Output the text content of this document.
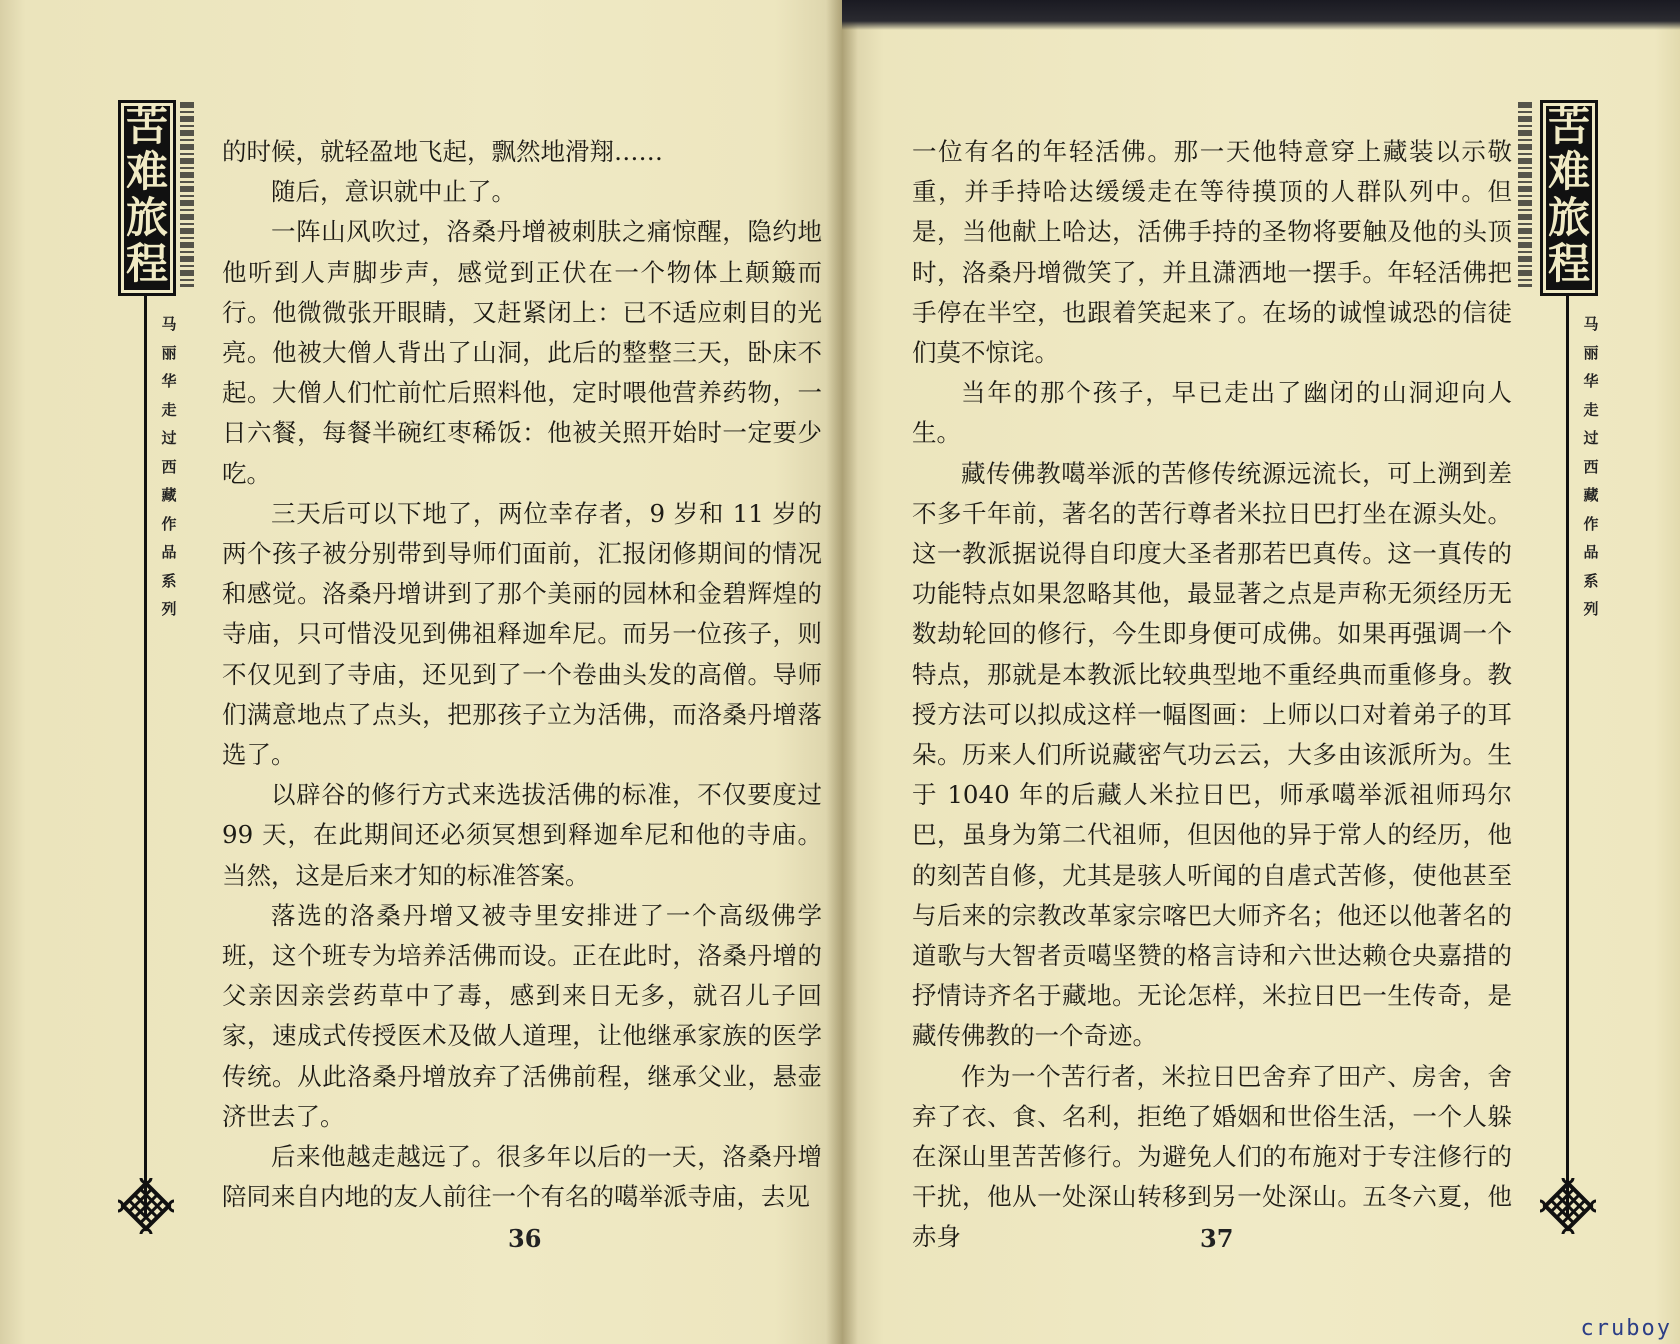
苦
难
旅
程
马丽华走过西藏作品系列

的时候，就轻盈地飞起，飘然地滑翔……

随后，意识就中止了。

一阵山风吹过，洛桑丹增被刺肤之痛惊醒，隐约地他听到人声脚步声，感觉到正伏在一个物体上颠簸而行。他微微张开眼睛，又赶紧闭上：已不适应刺目的光亮。他被大僧人背出了山洞，此后的整整三天，卧床不起。大僧人们忙前忙后照料他，定时喂他营养药物，一日六餐，每餐半碗红枣稀饭：他被关照开始时一定要少吃。

三天后可以下地了，两位幸存者，9 岁和 11 岁的两个孩子被分别带到导师们面前，汇报闭修期间的情况和感觉。洛桑丹增讲到了那个美丽的园林和金碧辉煌的寺庙，只可惜没见到佛祖释迦牟尼。而另一位孩子，则不仅见到了寺庙，还见到了一个卷曲头发的高僧。导师们满意地点了点头，把那孩子立为活佛，而洛桑丹增落选了。

以辟谷的修行方式来选拔活佛的标准，不仅要度过 99 天，在此期间还必须冥想到释迦牟尼和他的寺庙。当然，这是后来才知的标准答案。

落选的洛桑丹增又被寺里安排进了一个高级佛学班，这个班专为培养活佛而设。正在此时，洛桑丹增的父亲因亲尝药草中了毒，感到来日无多，就召儿子回家，速成式传授医术及做人道理，让他继承家族的医学传统。从此洛桑丹增放弃了活佛前程，继承父业，悬壶济世去了。

后来他越走越远了。很多年以后的一天，洛桑丹增陪同来自内地的友人前往一个有名的噶举派寺庙，去见

36

一位有名的年轻活佛。那一天他特意穿上藏装以示敬重，并手持哈达缓缓走在等待摸顶的人群队列中。但是，当他献上哈达，活佛手持的圣物将要触及他的头顶时，洛桑丹增微笑了，并且潇洒地一摆手。年轻活佛把手停在半空，也跟着笑起来了。在场的诚惶诚恐的信徒们莫不惊诧。

当年的那个孩子，早已走出了幽闭的山洞迎向人生。

藏传佛教噶举派的苦修传统源远流长，可上溯到差不多千年前，著名的苦行尊者米拉日巴打坐在源头处。这一教派据说得自印度大圣者那若巴真传。这一真传的功能特点如果忽略其他，最显著之点是声称无须经历无数劫轮回的修行，今生即身便可成佛。如果再强调一个特点，那就是本教派比较典型地不重经典而重修身。教授方法可以拟成这样一幅图画：上师以口对着弟子的耳朵。历来人们所说藏密气功云云，大多由该派所为。生于 1040 年的后藏人米拉日巴，师承噶举派祖师玛尔巴，虽身为第二代祖师，但因他的异于常人的经历，他的刻苦自修，尤其是骇人听闻的自虐式苦修，使他甚至与后来的宗教改革家宗喀巴大师齐名；他还以他著名的道歌与大智者贡噶坚赞的格言诗和六世达赖仓央嘉措的抒情诗齐名于藏地。无论怎样，米拉日巴一生传奇，是藏传佛教的一个奇迹。

作为一个苦行者，米拉日巴舍弃了田产、房舍，舍弃了衣、食、名利，拒绝了婚姻和世俗生活，一个人躲在深山里苦苦修行。为避免人们的布施对于专注修行的干扰，他从一处深山转移到另一处深山。五冬六夏，他赤身	37
苦
难
旅
程
马丽华走过西藏作品系列
cruboy
